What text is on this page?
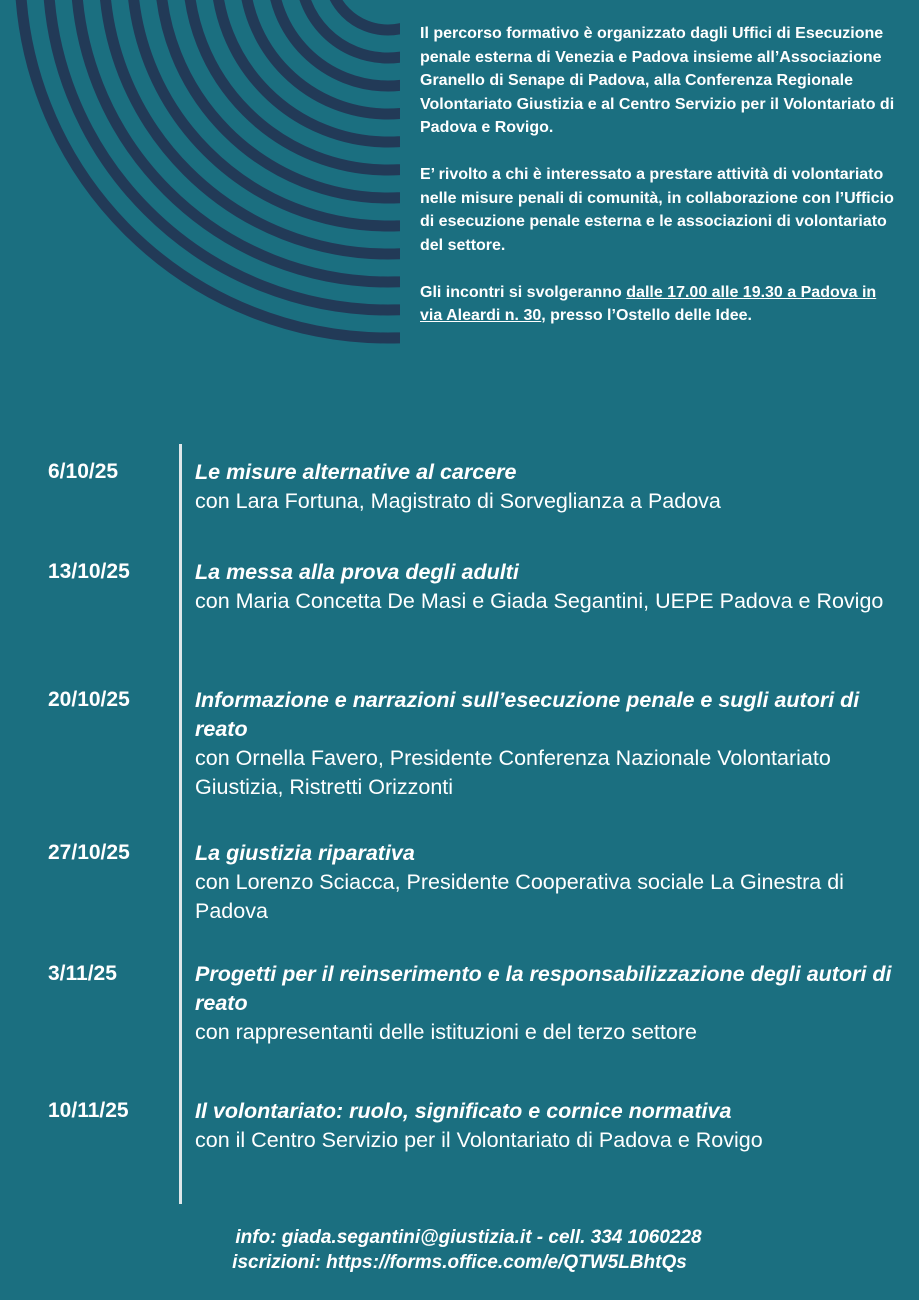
Il percorso formativo è organizzato dagli Uffici di Esecuzione penale esterna di Venezia e Padova insieme all’Associazione Granello di Senape di Padova, alla Conferenza Regionale Volontariato Giustizia e al Centro Servizio per il Volontariato di Padova e Rovigo.

E’ rivolto a chi è interessato a prestare attività di volontariato nelle misure penali di comunità, in collaborazione con l’Ufficio di esecuzione penale esterna e le associazioni di volontariato del settore.

Gli incontri si svolgeranno dalle 17.00 alle 19.30 a Padova in via Aleardi n. 30, presso l’Ostello delle Idee.

6/10/25	Le misure alternative al carcere
con Lara Fortuna, Magistrato di Sorveglianza a Padova
13/10/25	La messa alla prova degli adulti
con Maria Concetta De Masi e Giada Segantini, UEPE Padova e Rovigo
20/10/25	Informazione e narrazioni sull’esecuzione penale e sugli autori di reato
con Ornella Favero, Presidente Conferenza Nazionale Volontariato Giustizia, Ristretti Orizzonti
27/10/25	La giustizia riparativa
con Lorenzo Sciacca, Presidente Cooperativa sociale La Ginestra di Padova
3/11/25	Progetti per il reinserimento e la responsabilizzazione degli autori di reato
con rappresentanti delle istituzioni e del terzo settore
10/11/25	Il volontariato: ruolo, significato e cornice normativa
con il Centro Servizio per il Volontariato di Padova e Rovigo
info: giada.segantini@giustizia.it - cell. 334 1060228
iscrizioni: https://forms.office.com/e/QTW5LBhtQs
